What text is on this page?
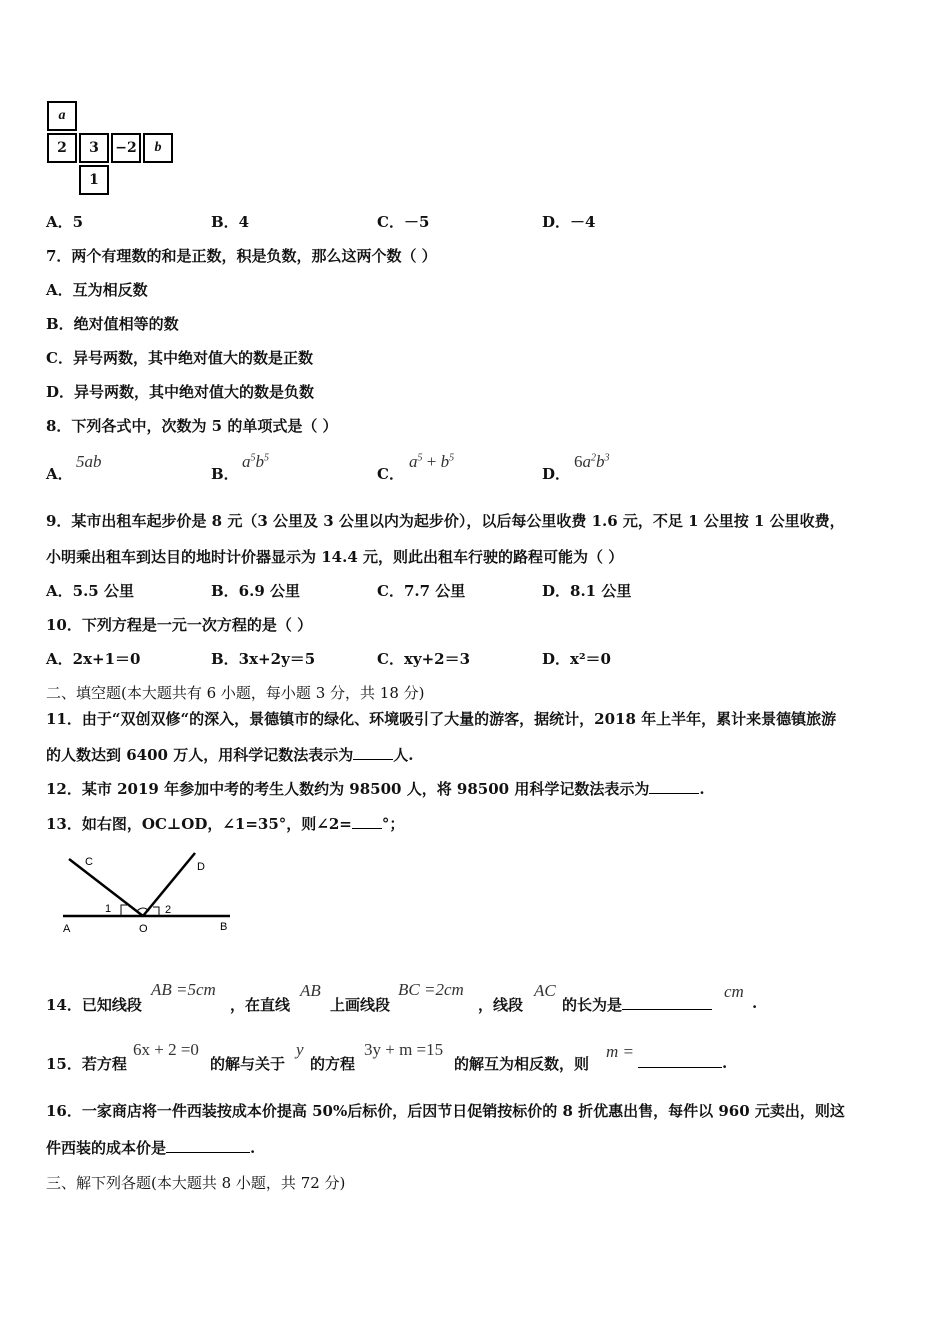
a
2 3 −2 b
1
A．5	B．4	C．－5	D．－4
7．两个有理数的和是正数，积是负数，那么这两个数（ ）
A．互为相反数
B．绝对值相等的数
C．异号两数，其中绝对值大的数是正数
D．异号两数，其中绝对值大的数是负数
8．下列各式中，次数为 5 的单项式是（ ）
A．
5ab
B．
$a^5b^5$
C．
$a^5 + b^5$
D．
$6a^2b^3$
9．某市出租车起步价是 8 元（3 公里及 3 公里以内为起步价），以后每公里收费 1.6 元，不足 1 公里按 1 公里收费，
小明乘出租车到达目的地时计价器显示为 14.4 元，则此出租车行驶的路程可能为（ ）
A．5.5 公里	B．6.9 公里	C．7.7 公里	D．8.1 公里
10．下列方程是一元一次方程的是（ ）
A．2x+1＝0	B．3x+2y＝5	C．xy+2＝3	D．x²＝0
二、填空题(本大题共有 6 小题，每小题 3 分，共 18 分)
11．由于“双创双修“的深入，景德镇市的绿化、环境吸引了大量的游客，据统计，2018 年上半年，累计来景德镇旅游
的人数达到 6400 万人，用科学记数法表示为	人.
12．某市 2019 年参加中考的考生人数约为 98500 人，将 98500 用科学记数法表示为	.
13．如右图，OC⊥OD，∠1=35°，则∠2= °；
C	D
A	O	B
1	2
14．已知线段
AB =5cm
，在直线
AB
上画线段
BC =2cm
，线段
AC
的长为是
cm
.
15．若方程
6x + 2 =0
的解与关于
y
的方程
3y + m =15
的解互为相反数，则
m =
.
16．一家商店将一件西装按成本价提高 50%后标价，后因节日促销按标价的 8 折优惠出售，每件以 960 元卖出，则这
件西装的成本价是	.
三、解下列各题(本大题共 8 小题，共 72 分)
